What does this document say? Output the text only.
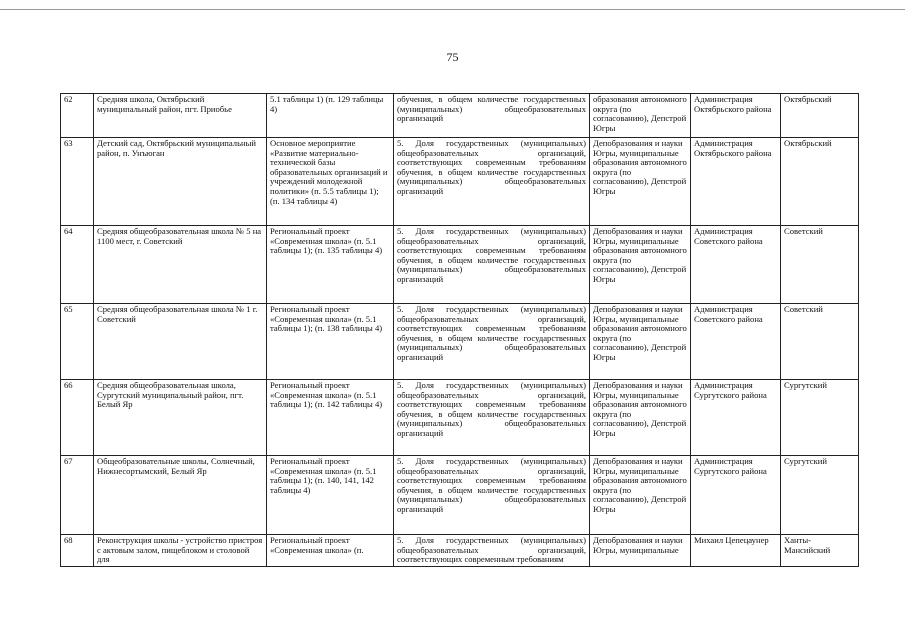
75
62	Средняя школа, Октябрьский муниципальный район, пгт. Приобье	5.1 таблицы 1) (п. 129 таблицы 4)	обучения, в общем количестве государственных (муниципальных) общеобразовательных организаций	образования автономного округа (по согласованию), Депстрой Югры	Администрация Октябрьского района	Октябрьский
63	Детский сад, Октябрьский муниципальный район, п. Унъюган	Основное мероприятие «Развитие материально-технической базы образовательных организаций и учреждений молодежной политики» (п. 5.5 таблицы 1); (п. 134 таблицы 4)	5. Доля государственных (муниципальных) общеобразовательных организаций, соответствующих современным требованиям обучения, в общем количестве государственных (муниципальных) общеобразовательных организаций	Депобразования и науки Югры, муниципальные образования автономного округа (по согласованию), Депстрой Югры	Администрация Октябрьского района	Октябрьский
64	Средняя общеобразовательная школа № 5 на 1100 мест, г. Советский	Региональный проект «Современная школа» (п. 5.1 таблицы 1); (п. 135 таблицы 4)	5. Доля государственных (муниципальных) общеобразовательных организаций, соответствующих современным требованиям обучения, в общем количестве государственных (муниципальных) общеобразовательных организаций	Депобразования и науки Югры, муниципальные образования автономного округа (по согласованию), Депстрой Югры	Администрация Советского района	Советский
65	Средняя общеобразовательная школа № 1 г. Советский	Региональный проект «Современная школа» (п. 5.1 таблицы 1); (п. 138 таблицы 4)	5. Доля государственных (муниципальных) общеобразовательных организаций, соответствующих современным требованиям обучения, в общем количестве государственных (муниципальных) общеобразовательных организаций	Депобразования и науки Югры, муниципальные образования автономного округа (по согласованию), Депстрой Югры	Администрация Советского района	Советский
66	Средняя общеобразовательная школа, Сургутский муниципальный район, пгт. Белый Яр	Региональный проект «Современная школа» (п. 5.1 таблицы 1); (п. 142 таблицы 4)	5. Доля государственных (муниципальных) общеобразовательных организаций, соответствующих современным требованиям обучения, в общем количестве государственных (муниципальных) общеобразовательных организаций	Депобразования и науки Югры, муниципальные образования автономного округа (по согласованию), Депстрой Югры	Администрация Сургутского района	Сургутский
67	Общеобразовательные школы, Солнечный, Нижнесортымский, Белый Яр	Региональный проект «Современная школа» (п. 5.1 таблицы 1); (п. 140, 141, 142 таблицы 4)	5. Доля государственных (муниципальных) общеобразовательных организаций, соответствующих современным требованиям обучения, в общем количестве государственных (муниципальных) общеобразовательных организаций	Депобразования и науки Югры, муниципальные образования автономного округа (по согласованию), Депстрой Югры	Администрация Сургутского района	Сургутский
68	Реконструкция школы - устройство пристроя с актовым залом, пищеблоком и столовой для	Региональный проект «Современная школа» (п.	5. Доля государственных (муниципальных) общеобразовательных организаций, соответствующих современным требованиям	Депобразования и науки Югры, муниципальные	Михаил Цепецаунер	Ханты-Мансийский
